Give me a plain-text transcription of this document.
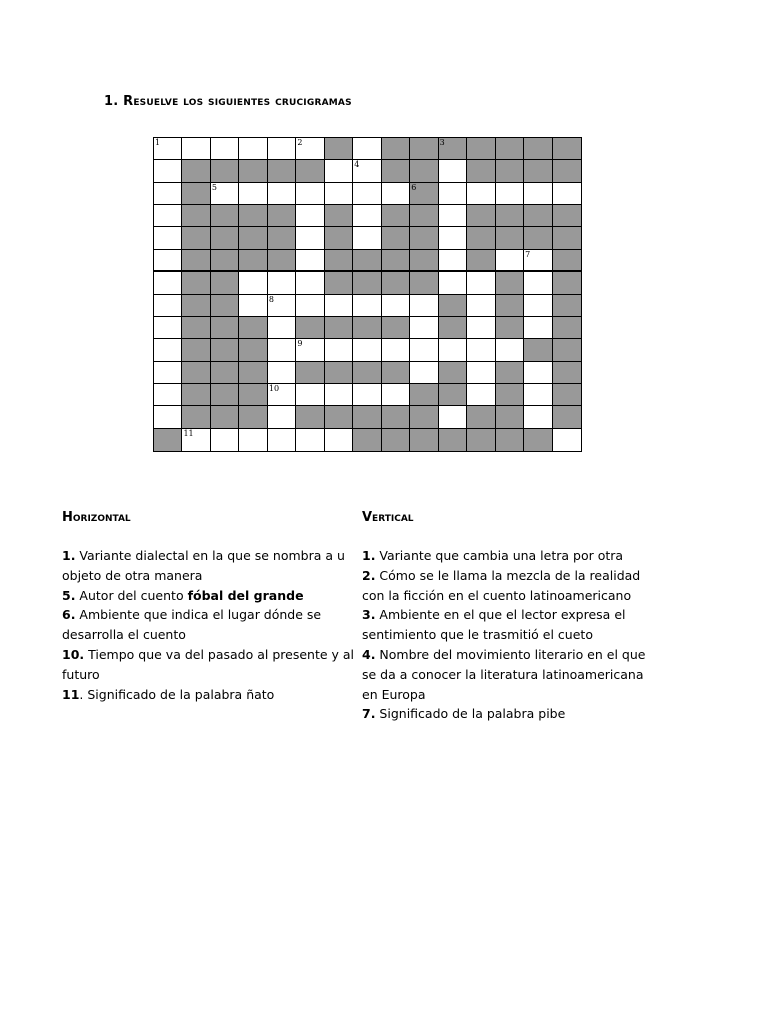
1. Resuelve los siguientes crucigramas
1	2	3
4
5	6
7
8
9
10
11
Horizontal
1. Variante dialectal en la que se nombra a u objeto de otra manera
5. Autor del cuento fóbal del grande
6. Ambiente que indica el lugar dónde se desarrolla el cuento
10. Tiempo que va del pasado al presente y al futuro
11. Significado de la palabra ñato
Vertical
1. Variante que cambia una letra por otra
2. Cómo se le llama la mezcla de la realidad con la ficción en el cuento latinoamericano
3. Ambiente en el que el lector expresa el sentimiento que le trasmitió el cueto
4. Nombre del movimiento literario en el que se da a conocer la literatura latinoamericana en Europa
7. Significado de la palabra pibe
